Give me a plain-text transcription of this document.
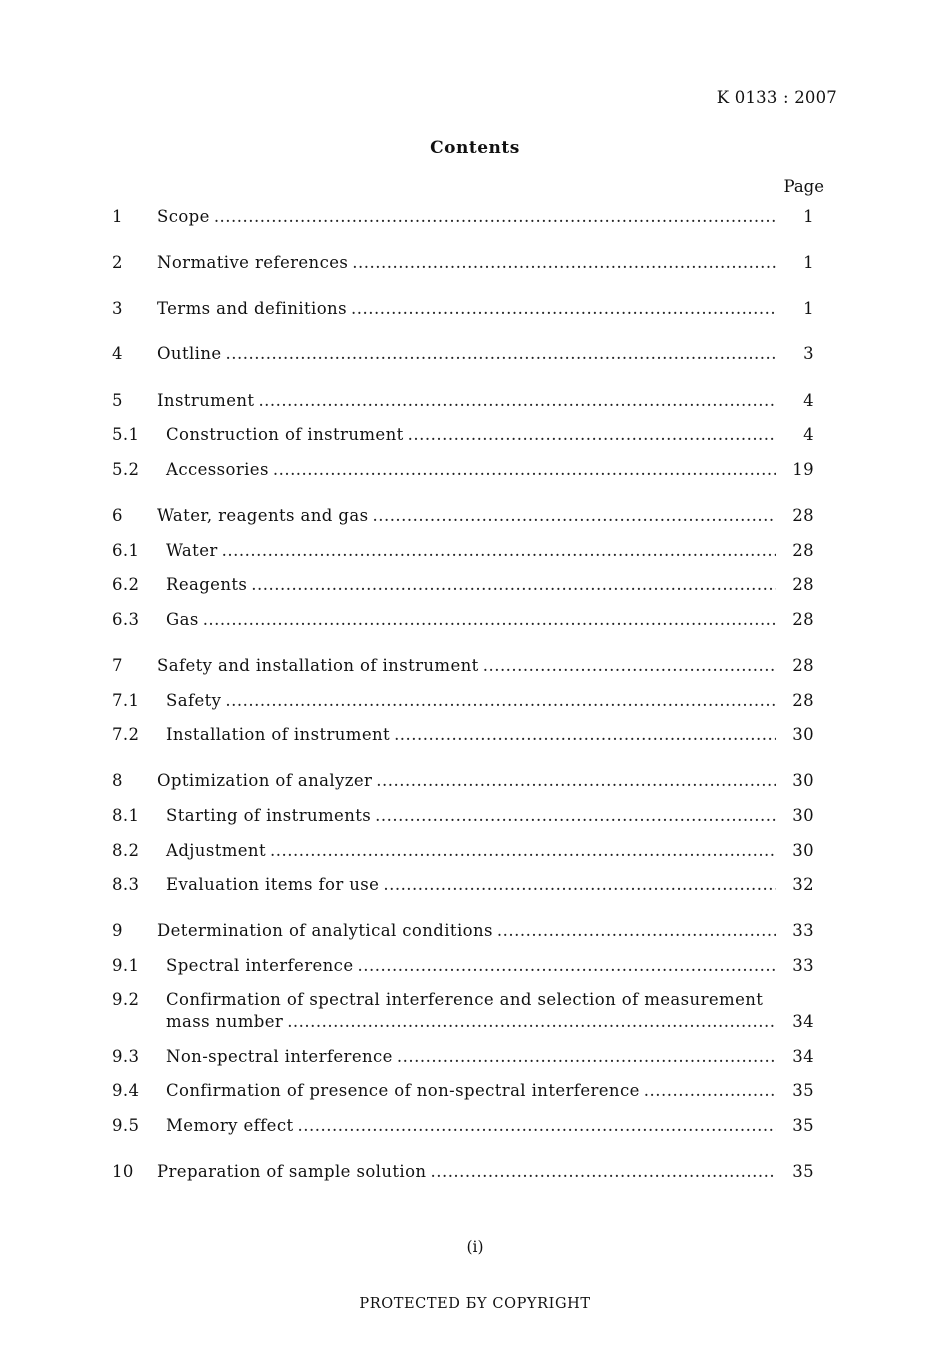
K 0133 : 2007
Contents
Page
1 Scope .....	1
2 Normative references .....	1
3 Terms and definitions .....	1
4 Outline .....	3
5 Instrument .....	4
5.1 Construction of instrument .....	4
5.2 Accessories .....	19
6 Water, reagents and gas .....	28
6.1 Water .....	28
6.2 Reagents .....	28
6.3 Gas .....	28
7 Safety and installation of instrument .....	28
7.1 Safety .....	28
7.2 Installation of instrument .....	30
8 Optimization of analyzer .....	30
8.1 Starting of instruments .....	30
8.2 Adjustment .....	30
8.3 Evaluation items for use .....	32
9 Determination of analytical conditions .....	33
9.1 Spectral interference .....	33
9.2 Confirmation of spectral interference and selection of measurement
mass number .....	34
9.3 Non-spectral interference .....	34
9.4 Confirmation of presence of non-spectral interference .....	35
9.5 Memory effect .....	35
10 Preparation of sample solution .....	35
(i)
PROTECTED БY COPYRIGHT
